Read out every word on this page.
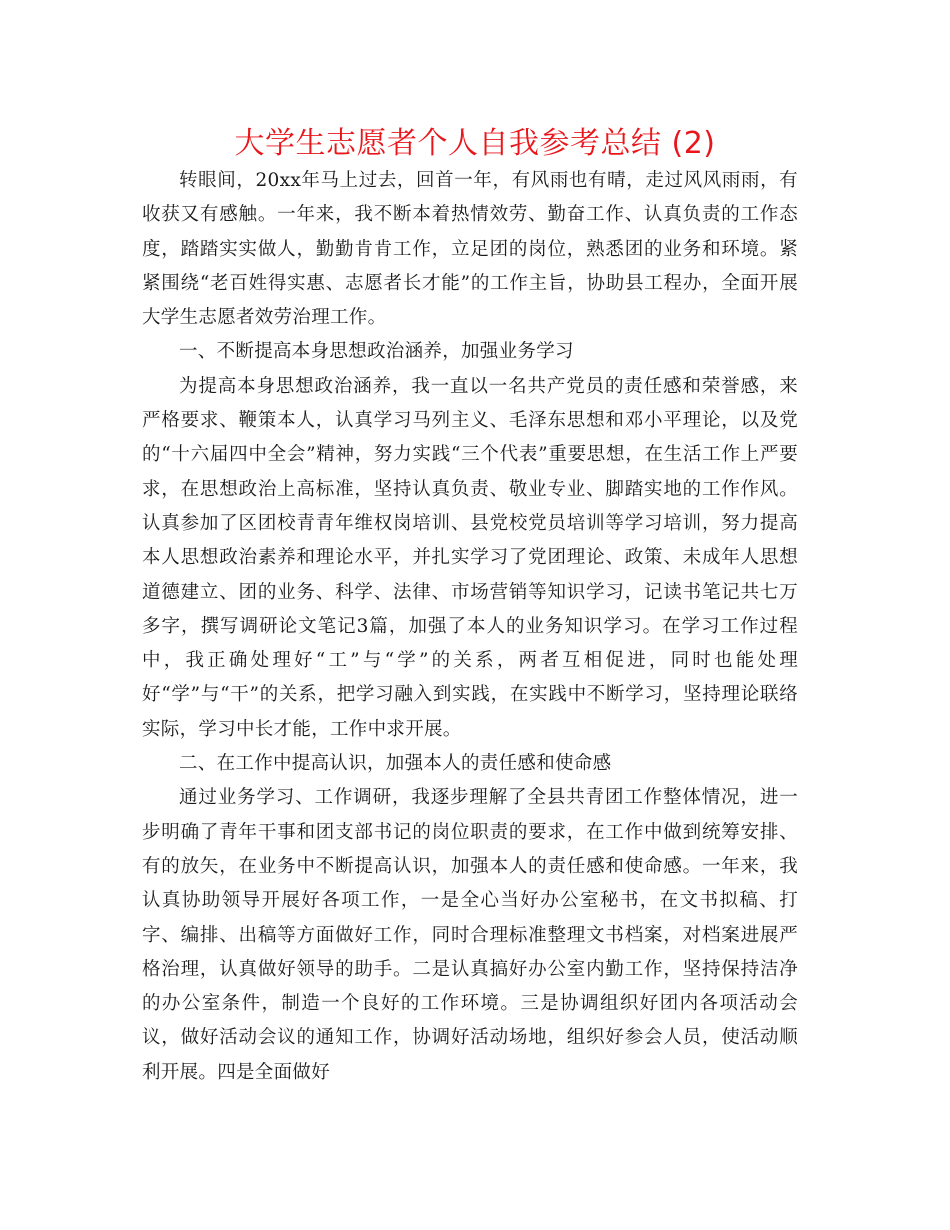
大学生志愿者个人自我参考总结 (2)

转眼间，20xx年马上过去，回首一年，有风雨也有晴，走过风风雨雨，有收获又有感触。一年来，我不断本着热情效劳、勤奋工作、认真负责的工作态度，踏踏实实做人，勤勤肯肯工作，立足团的岗位，熟悉团的业务和环境。紧紧围绕“老百姓得实惠、志愿者长才能”的工作主旨，协助县工程办，全面开展大学生志愿者效劳治理工作。

一、不断提高本身思想政治涵养，加强业务学习

为提高本身思想政治涵养，我一直以一名共产党员的责任感和荣誉感，来严格要求、鞭策本人，认真学习马列主义、毛泽东思想和邓小平理论，以及党的“十六届四中全会”精神，努力实践“三个代表”重要思想，在生活工作上严要求，在思想政治上高标准，坚持认真负责、敬业专业、脚踏实地的工作作风。认真参加了区团校青青年维权岗培训、县党校党员培训等学习培训，努力提高本人思想政治素养和理论水平，并扎实学习了党团理论、政策、未成年人思想道德建立、团的业务、科学、法律、市场营销等知识学习，记读书笔记共七万多字，撰写调研论文笔记3篇，加强了本人的业务知识学习。在学习工作过程中，我正确处理好“工”与“学”的关系，两者互相促进，同时也能处理好“学”与“干”的关系，把学习融入到实践，在实践中不断学习，坚持理论联络实际，学习中长才能，工作中求开展。

二、在工作中提高认识，加强本人的责任感和使命感

通过业务学习、工作调研，我逐步理解了全县共青团工作整体情况，进一步明确了青年干事和团支部书记的岗位职责的要求，在工作中做到统筹安排、有的放矢，在业务中不断提高认识，加强本人的责任感和使命感。一年来，我认真协助领导开展好各项工作，一是全心当好办公室秘书，在文书拟稿、打字、编排、出稿等方面做好工作，同时合理标准整理文书档案，对档案进展严格治理，认真做好领导的助手。二是认真搞好办公室内勤工作，坚持保持洁净的办公室条件，制造一个良好的工作环境。三是协调组织好团内各项活动会议，做好活动会议的通知工作，协调好活动场地，组织好参会人员，使活动顺利开展。四是全面做好
